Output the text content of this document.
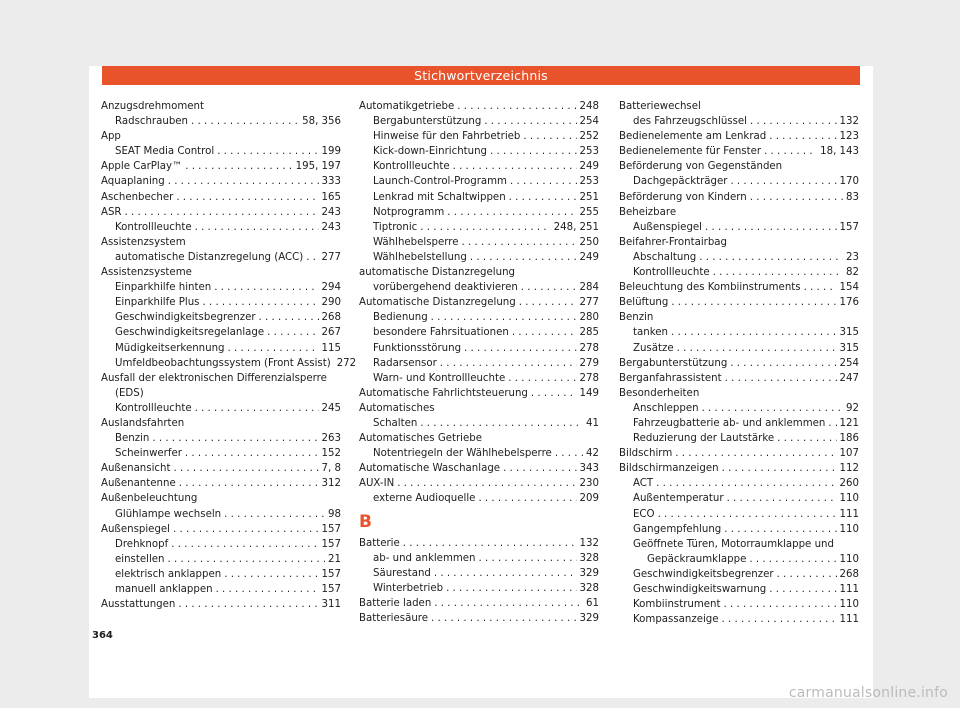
Stichwortverzeichnis
Anzugsdrehmoment
Radschrauben . . .	58, 356
App
SEAT Media Control . . .	199
Apple CarPlay™ . . .	195, 197
Aquaplaning . . .	333
Aschenbecher . . .	165
ASR . . .	243
Kontrollleuchte . . .	243
Assistenzsystem
automatische Distanzregelung (ACC) . . . 277
Assistenzsysteme
Einparkhilfe hinten . . .	294
Einparkhilfe Plus . . .	290
Geschwindigkeitsbegrenzer . . .	268
Geschwindigkeitsregelanlage . . .	267
Müdigkeitserkennung . . .	115
Umfeldbeobachtungssystem (Front Assist) 272
Ausfall der elektronischen Differenzialsperre
(EDS)
Kontrollleuchte . . .	245
Auslandsfahrten
Benzin . . .	263
Scheinwerfer . . .	152
Außenansicht . . .	7, 8
Außenantenne . . .	312
Außenbeleuchtung
Glühlampe wechseln . . .	98
Außenspiegel . . .	157
Drehknopf . . .	157
einstellen . . .	21
elektrisch anklappen . . .	157
manuell anklappen . . .	157
Ausstattungen . . .	311
Automatikgetriebe . . .	248
Bergabunterstützung . . .	254
Hinweise für den Fahrbetrieb . . .	252
Kick-down-Einrichtung . . .	253
Kontrollleuchte . . .	249
Launch-Control-Programm . . .	253
Lenkrad mit Schaltwippen . . .	251
Notprogramm . . .	255
Tiptronic . . .	248, 251
Wählhebelsperre . . .	250
Wählhebelstellung . . .	249
automatische Distanzregelung
vorübergehend deaktivieren . . .	284
Automatische Distanzregelung . . .	277
Bedienung . . .	280
besondere Fahrsituationen . . .	285
Funktionsstörung . . .	278
Radarsensor . . .	279
Warn- und Kontrollleuchte . . .	278
Automatische Fahrlichtsteuerung . . .	149
Automatisches
Schalten . . .	41
Automatisches Getriebe
Notentriegeln der Wählhebelsperre . . .	42
Automatische Waschanlage . . .	343
AUX-IN . . .	230
externe Audioquelle . . .	209
B
Batterie . . .	132
ab- und anklemmen . . .	328
Säurestand . . .	329
Winterbetrieb . . .	328
Batterie laden . . .	61
Batteriesäure . . .	329
Batteriewechsel
des Fahrzeugschlüssel . . .	132
Bedienelemente am Lenkrad . . .	123
Bedienelemente für Fenster . . .	18, 143
Beförderung von Gegenständen
Dachgepäckträger . . .	170
Beförderung von Kindern . . .	83
Beheizbare
Außenspiegel . . .	157
Beifahrer-Frontairbag
Abschaltung . . .	23
Kontrollleuchte . . .	82
Beleuchtung des Kombiinstruments . . .	154
Belüftung . . .	176
Benzin
tanken . . .	315
Zusätze . . .	315
Bergabunterstützung . . .	254
Berganfahrassistent . . .	247
Besonderheiten
Anschleppen . . .	92
Fahrzeugbatterie ab- und anklemmen . . . 121
Reduzierung der Lautstärke . . .	186
Bildschirm . . .	107
Bildschirmanzeigen . . .	112
ACT . . .	260
Außentemperatur . . .	110
ECO . . .	111
Gangempfehlung . . .	110
Geöffnete Türen, Motorraumklappe und
Gepäckraumklappe . . .	110
Geschwindigkeitsbegrenzer . . .	268
Geschwindigkeitswarnung . . .	111
Kombiinstrument . . .	110
Kompassanzeige . . .	111
364
carmanualsonline.info
